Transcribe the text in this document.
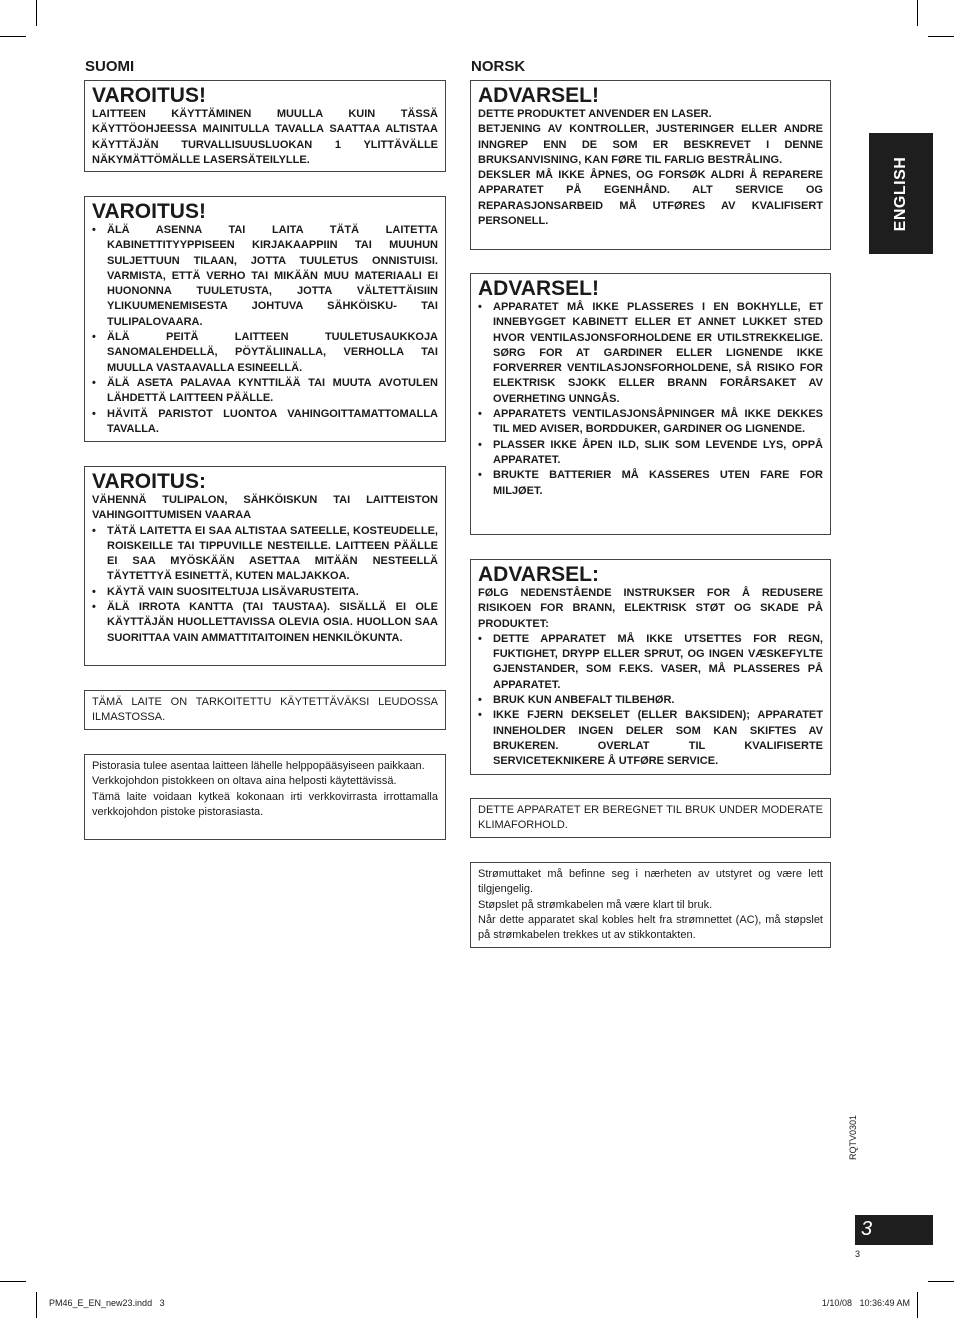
SUOMI
VAROITUS!
LAITTEEN KÄYTTÄMINEN MUULLA KUIN TÄSSÄ KÄYTTÖOHJEESSA MAINITULLA TAVALLA SAATTAA ALTISTAA KÄYTTÄJÄN TURVALLISUUSLUOKAN 1 YLITTÄVÄLLE NÄKYMÄTTÖMÄLLE LASERSÄTEILYLLE.
VAROITUS!
• ÄLÄ ASENNA TAI LAITA TÄTÄ LAITETTA KABINETTITYYPPISEEN KIRJAKAAPPIIN TAI MUUHUN SULJETTUUN TILAAN, JOTTA TUULETUS ONNISTUISI. VARMISTA, ETTÄ VERHO TAI MIKÄÄN MUU MATERIAALI EI HUONONNA TUULETUSTA, JOTTA VÄLTETTÄISIIN YLIKUUMENEMISESTA JOHTUVA SÄHKÖISKU- TAI TULIPALOVAARA.
• ÄLÄ PEITÄ LAITTEEN TUULETUSAUKKOJA SANOMALEHDELLÄ, PÖYTÄLIINALLA, VERHOLLA TAI MUULLA VASTAAVALLA ESINEELLÄ.
• ÄLÄ ASETA PALAVAA KYNTTILÄÄ TAI MUUTA AVOTULEN LÄHDETTÄ LAITTEEN PÄÄLLE.
• HÄVITÄ PARISTOT LUONTOA VAHINGOITTAMATTOMALLA TAVALLA.
VAROITUS:
VÄHENNÄ TULIPALON, SÄHKÖISKUN TAI LAITTEISTON VAHINGOITTUMISEN VAARAA
• TÄTÄ LAITETTA EI SAA ALTISTAA SATEELLE, KOSTEUDELLE, ROISKEILLE TAI TIPPUVILLE NESTEILLE. LAITTEEN PÄÄLLE EI SAA MYÖSKÄÄN ASETTAA MITÄÄN NESTEELLÄ TÄYTETTYÄ ESINETTÄ, KUTEN MALJAKKOA.
• KÄYTÄ VAIN SUOSITELTUJA LISÄVARUSTEITA.
• ÄLÄ IRROTA KANTTA (TAI TAUSTAA). SISÄLLÄ EI OLE KÄYTTÄJÄN HUOLLETTAVISSA OLEVIA OSIA. HUOLLON SAA SUORITTAA VAIN AMMATTITAITOINEN HENKILÖKUNTA.
TÄMÄ LAITE ON TARKOITETTU KÄYTETTÄVÄKSI LEUDOSSA ILMASTOSSA.
Pistorasia tulee asentaa laitteen lähelle helppopääsyiseen paikkaan.
Verkkojohdon pistokkeen on oltava aina helposti käytettävissä.
Tämä laite voidaan kytkeä kokonaan irti verkkovirrasta irrottamalla verkkojohdon pistoke pistorasiasta.
NORSK
ADVARSEL!
DETTE PRODUKTET ANVENDER EN LASER.
BETJENING AV KONTROLLER, JUSTERINGER ELLER ANDRE INNGREP ENN DE SOM ER BESKREVET I DENNE BRUKSANVISNING, KAN FØRE TIL FARLIG BESTRÅLING.
DEKSLER MÅ IKKE ÅPNES, OG FORSØK ALDRI Å REPARERE APPARATET PÅ EGENHÅND. ALT SERVICE OG REPARASJONSARBEID MÅ UTFØRES AV KVALIFISERT PERSONELL.
ADVARSEL!
• APPARATET MÅ IKKE PLASSERES I EN BOKHYLLE, ET INNEBYGGET KABINETT ELLER ET ANNET LUKKET STED HVOR VENTILASJONSFORHOLDENE ER UTILSTREKKELIGE. SØRG FOR AT GARDINER ELLER LIGNENDE IKKE FORVERRER VENTILASJONSFORHOLDENE, SÅ RISIKO FOR ELEKTRISK SJOKK ELLER BRANN FORÅRSAKET AV OVERHETING UNNGÅS.
• APPARATETS VENTILASJONSÅPNINGER MÅ IKKE DEKKES TIL MED AVISER, BORDDUKER, GARDINER OG LIGNENDE.
• PLASSER IKKE ÅPEN ILD, SLIK SOM LEVENDE LYS, OPPÅ APPARATET.
• BRUKTE BATTERIER MÅ KASSERES UTEN FARE FOR MILJØET.
ADVARSEL:
FØLG NEDENSTÅENDE INSTRUKSER FOR Å REDUSERE RISIKOEN FOR BRANN, ELEKTRISK STØT OG SKADE PÅ PRODUKTET:
• DETTE APPARATET MÅ IKKE UTSETTES FOR REGN, FUKTIGHET, DRYPP ELLER SPRUT, OG INGEN VÆSKEFYLTE GJENSTANDER, SOM F.EKS. VASER, MÅ PLASSERES PÅ APPARATET.
• BRUK KUN ANBEFALT TILBEHØR.
• IKKE FJERN DEKSELET (ELLER BAKSIDEN); APPARATET INNEHOLDER INGEN DELER SOM KAN SKIFTES AV BRUKEREN. OVERLAT TIL KVALIFISERTE SERVICETEKNIKERE Å UTFØRE SERVICE.
DETTE APPARATET ER BEREGNET TIL BRUK UNDER MODERATE KLIMAFORHOLD.
Strømuttaket må befinne seg i nærheten av utstyret og være lett tilgjengelig.
Støpslet på strømkabelen må være klart til bruk.
Når dette apparatet skal kobles helt fra strømnettet (AC), må støpslet på strømkabelen trekkes ut av stikkontakten.
ENGLISH
RQTV0301
3
3
PM46_E_EN_new23.indd   3	1/10/08   10:36:49 AM
